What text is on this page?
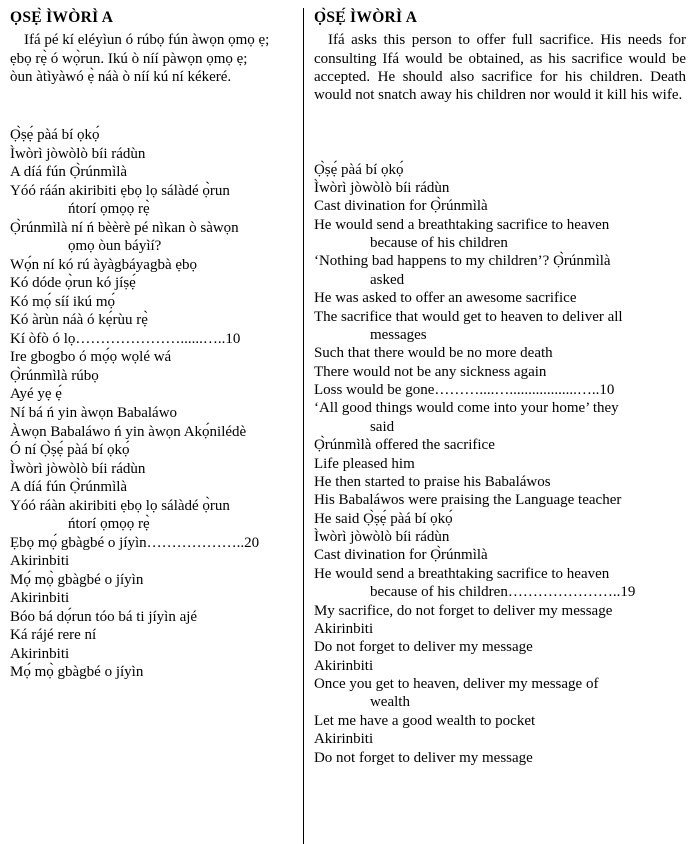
ỌSẸ̀ ÌWÒRÌ A
Ifá pé kí eléyìun ó rúbọ fún àwọn ọmọ ẹ;
ẹbọ rẹ̀ ó wọ̀run. Ikú ò níí pàwọn ọmọ ẹ;
òun àtìyàwó ẹ̀ náà ò níí kú ní kékeré.
Ọ̀ṣẹ́ pàá bí ọkọ́
Ìwòrì jòwòlò bíi rádùn
A díá fún Ọ̀rúnmìlà
Yóó ráán akiribiti ẹbọ lọ sálàdé ọ̀run
ńtorí ọmọọ rẹ̀
Ọ̀rúnmìlà ní ń bèèrè pé nìkan ò sàwọn
ọmọ òun báyìí?
Wọ́n ní kó rú àyàgbáyagbà ẹbọ
Kó dóde ọ̀run kó jíṣẹ́
Kó mọ́ síí ikú mọ́
Kó àrùn náà ó kẹ́rùu rẹ̀
Kí òfò ó lọ…………………......…..10
Ire gbogbo ó mọ́ọ wọlé wá
Ọ̀rúnmìlà rúbọ
Ayé yẹ ẹ́
Ní bá ń yin àwọn Babaláwo
Àwọn Babaláwo ń yin àwọn Akọ́nilédè
Ó ní Ọ̀ṣẹ́ pàá bí ọkọ́
Ìwòrì jòwòlò bíi rádùn
A díá fún Ọ̀rúnmìlà
Yóó ráàn akiribiti ẹbọ lọ sálàdé ọ̀run
ńtorí ọmọọ rẹ̀
Ẹbọ mọ́ gbàgbé o jíyìn………………..20
Akirinbiti
Mọ́ mọ̀ gbàgbé o jíyìn
Akirinbiti
Bóo bá dọ́run tóo bá ti jíyìn ajé
Ká rájé rere ní
Akirinbiti
Mọ́ mọ̀ gbàgbé o jíyìn
Ọ̀SẸ́ ÌWÒRÌ A
Ifá asks this person to offer full sacrifice. His needs for consulting Ifá would be obtained, as his sacrifice would be accepted. He should also sacrifice for his children. Death would not snatch away his children nor would it kill his wife.
Ọ̀ṣẹ́ pàá bí ọkọ́
Ìwòrì jòwòlò bíi rádùn
Cast divination for Ọ̀rúnmìlà
He would send a breathtaking sacrifice to heaven
because of his children
‘Nothing bad happens to my children’? Ọ̀rúnmìlà
asked
He was asked to offer an awesome sacrifice
The sacrifice that would get to heaven to deliver all
messages
Such that there would be no more death
There would not be any sickness again
Loss would be gone………....…..................…..10
‘All good things would come into your home’ they
said
Ọ̀rúnmìlà offered the sacrifice
Life pleased him
He then started to praise his Babaláwos
His Babaláwos were praising the Language teacher
He said Ọ̀ṣẹ́ pàá bí ọkọ́
Ìwòrì jòwòlò bíi rádùn
Cast divination for Ọ̀rúnmìlà
He would send a breathtaking sacrifice to heaven
because of his children…………………..19
My sacrifice, do not forget to deliver my message
Akirinbiti
Do not forget to deliver my message
Akirinbiti
Once you get to heaven, deliver my message of
wealth
Let me have a good wealth to pocket
Akirinbiti
Do not forget to deliver my message
